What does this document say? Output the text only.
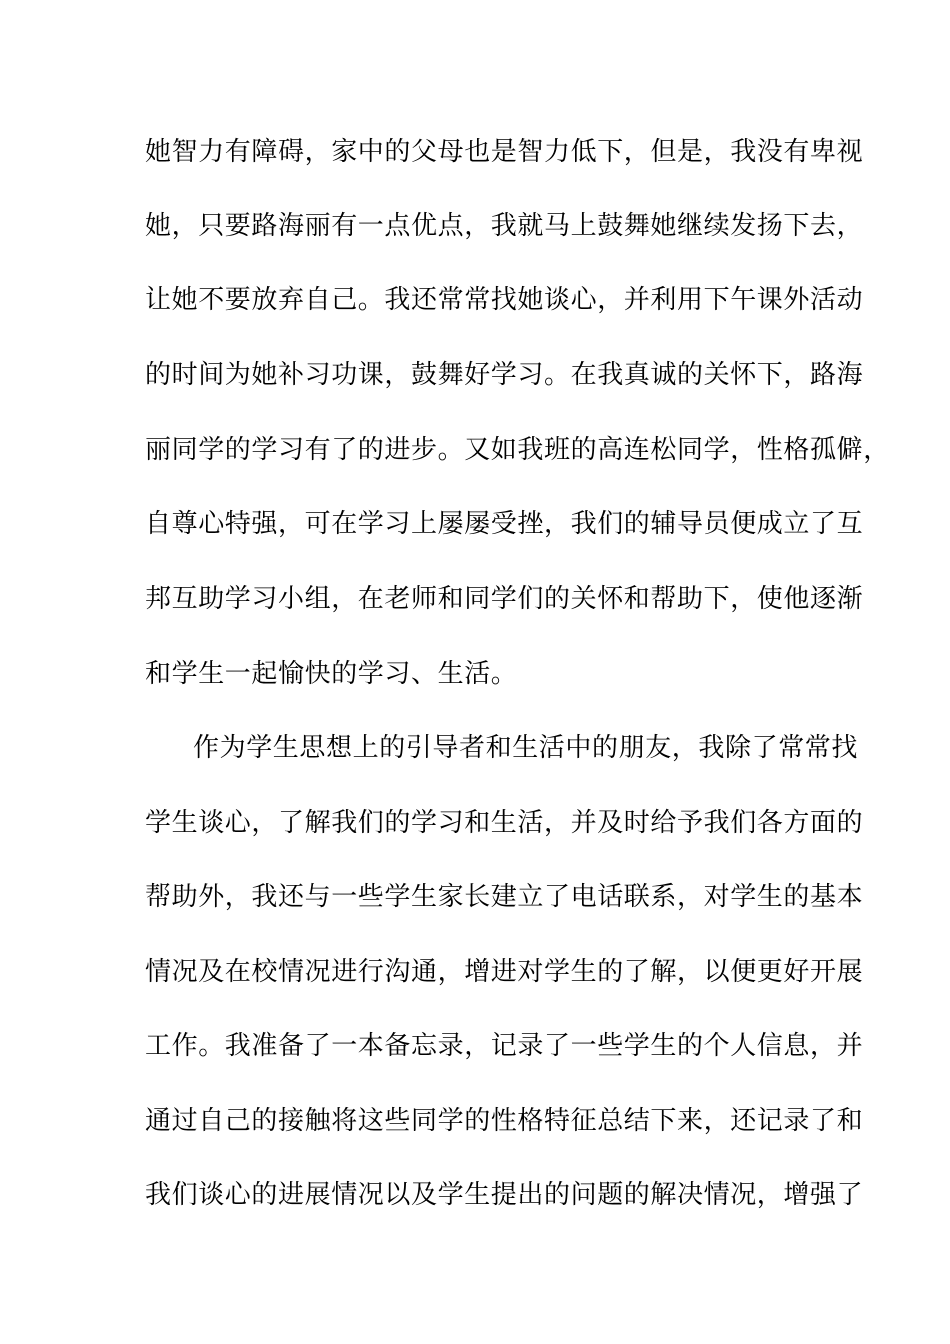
她智力有障碍，家中的父母也是智力低下，但是，我没有卑视
她，只要路海丽有一点优点，我就马上鼓舞她继续发扬下去，
让她不要放弃自己。我还常常找她谈心，并利用下午课外活动
的时间为她补习功课，鼓舞好学习。在我真诚的关怀下，路海
丽同学的学习有了的进步。又如我班的高连松同学，性格孤僻，
自尊心特强，可在学习上屡屡受挫，我们的辅导员便成立了互
邦互助学习小组，在老师和同学们的关怀和帮助下，使他逐渐
和学生一起愉快的学习、生活。
作为学生思想上的引导者和生活中的朋友，我除了常常找
学生谈心，了解我们的学习和生活，并及时给予我们各方面的
帮助外，我还与一些学生家长建立了电话联系，对学生的基本
情况及在校情况进行沟通，增进对学生的了解，以便更好开展
工作。我准备了一本备忘录，记录了一些学生的个人信息，并
通过自己的接触将这些同学的性格特征总结下来，还记录了和
我们谈心的进展情况以及学生提出的问题的解决情况，增强了
